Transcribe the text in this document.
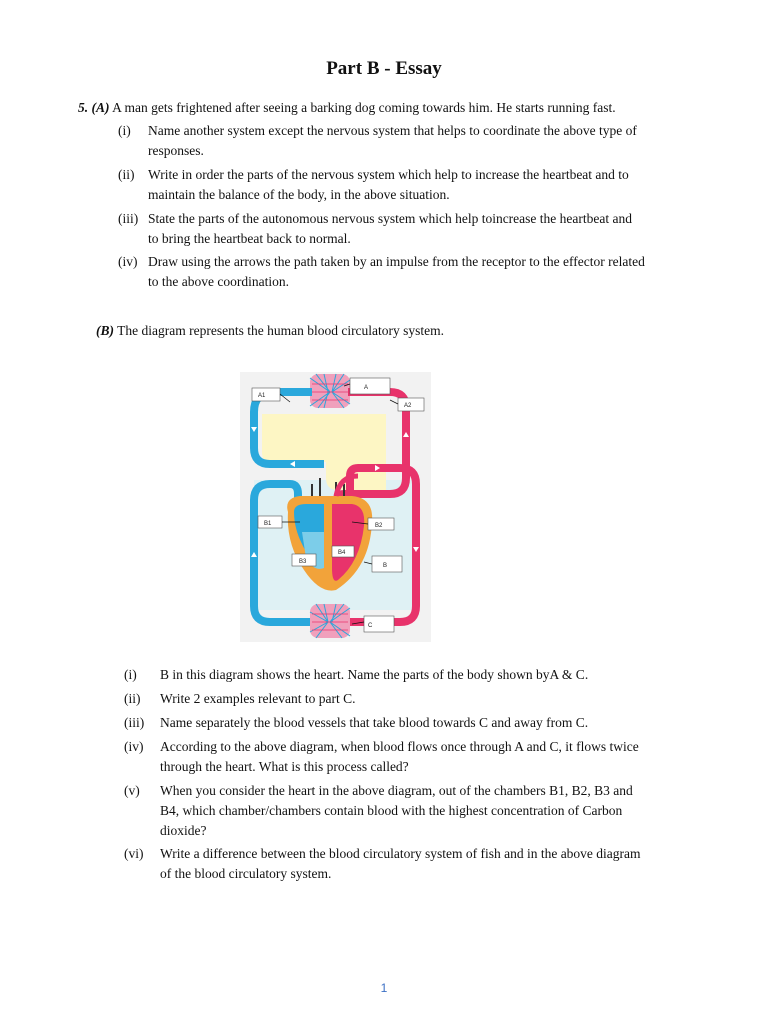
Part B - Essay
5. (A) A man gets frightened after seeing a barking dog coming towards him. He starts running fast.
(i) Name another system except the nervous system that helps to coordinate the above type of
responses.
(ii) Write in order the parts of the nervous system which help to increase the heartbeat and to
maintain the balance of the body, in the above situation.
(iii) State the parts of the autonomous nervous system which help toincrease the heartbeat and
to bring the heartbeat back to normal.
(iv) Draw using the arrows the path taken by an impulse from the receptor to the effector related
to the above coordination.
(B) The diagram represents the human blood circulatory system.
A1
A
A2
B1	B2
B4
B3
B
C
(i) B in this diagram shows the heart. Name the parts of the body shown byA & C.
(ii) Write 2 examples relevant to part C.
(iii) Name separately the blood vessels that take blood towards C and away from C.
(iv) According to the above diagram, when blood flows once through A and C, it flows twice
through the heart. What is this process called?
(v) When you consider the heart in the above diagram, out of the chambers B1, B2, B3 and
B4, which chamber/chambers contain blood with the highest concentration of Carbon
dioxide?
(vi) Write a difference between the blood circulatory system of fish and in the above diagram
of the blood circulatory system.
1
